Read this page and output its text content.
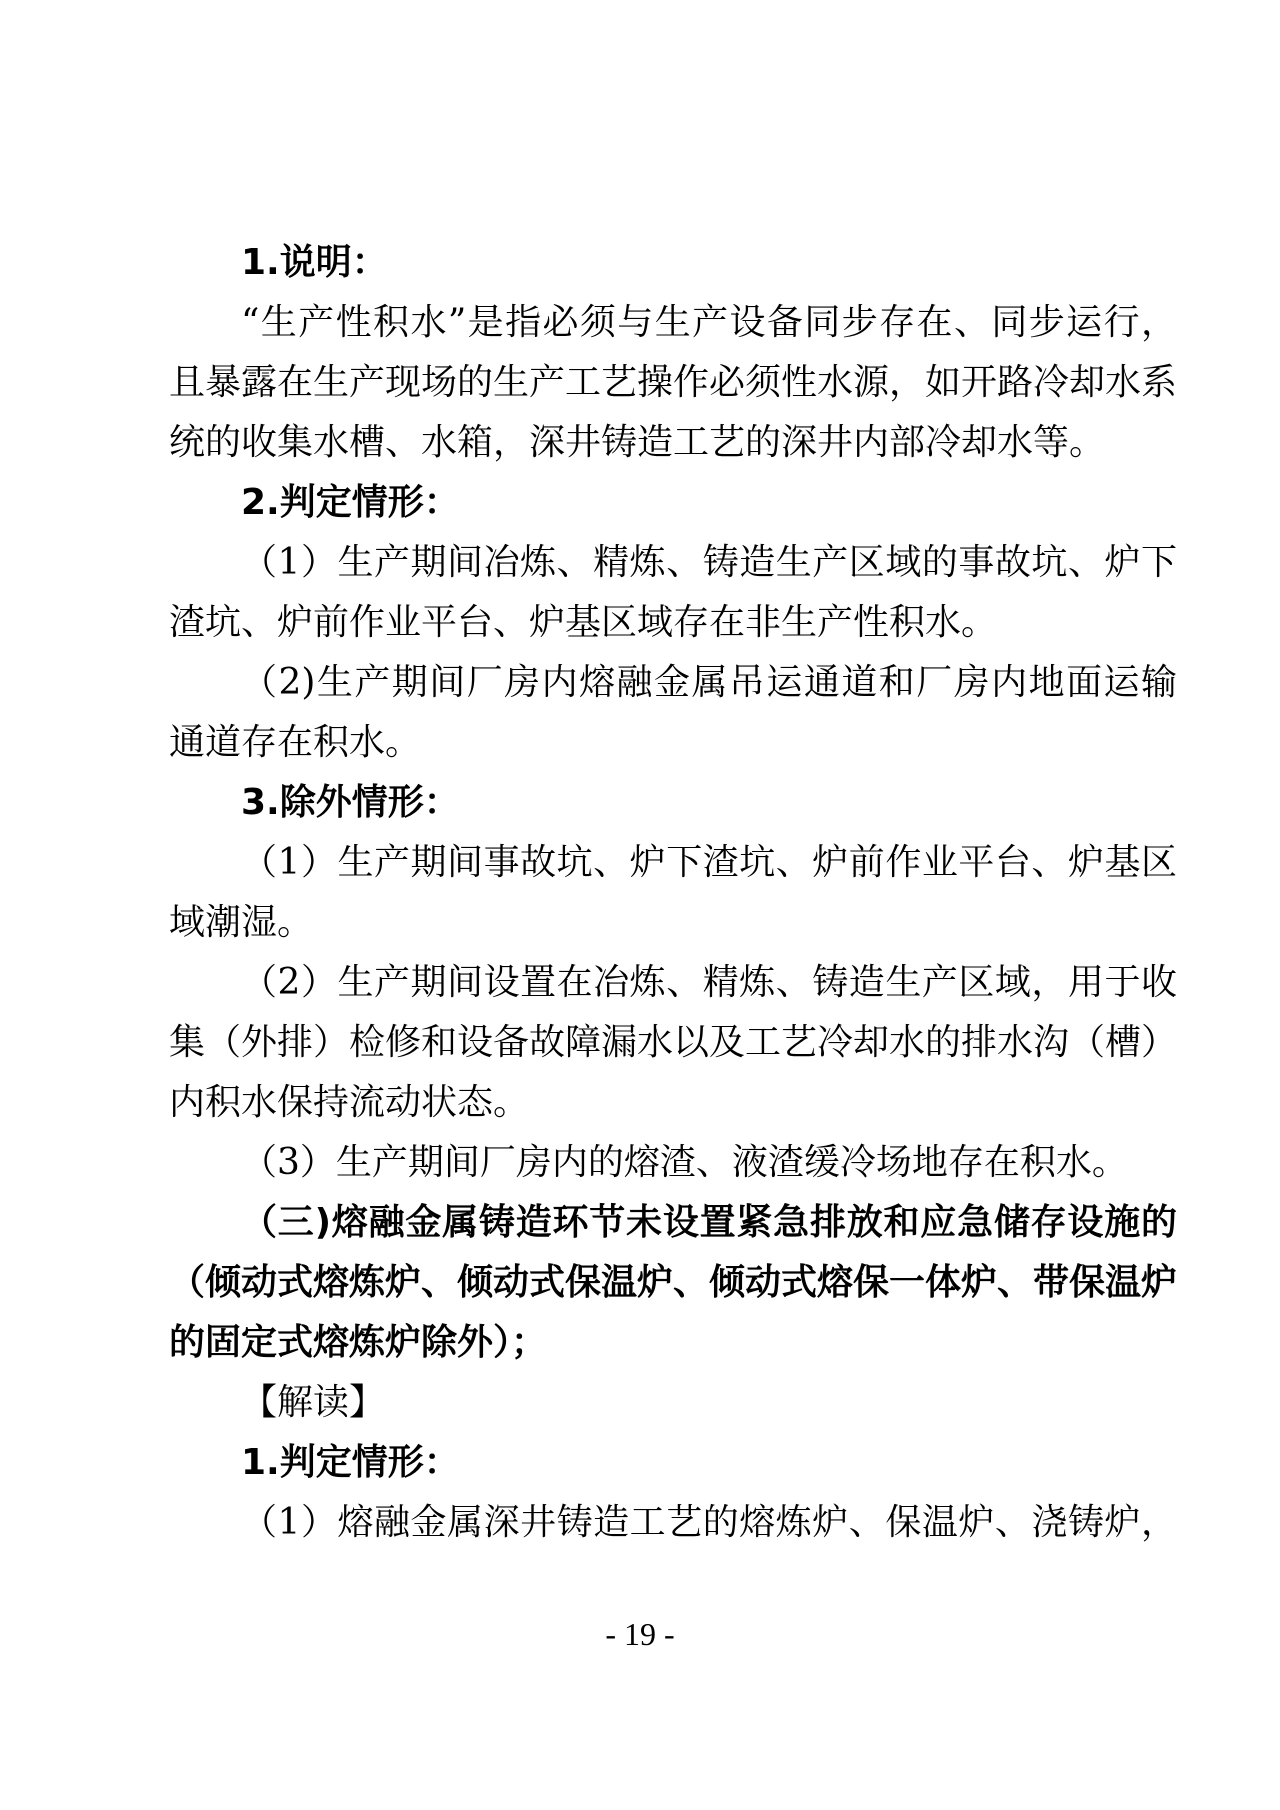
1.说明：
“生产性积水”是指必须与生产设备同步存在、同步运行，
且暴露在生产现场的生产工艺操作必须性水源，如开路冷却水系
统的收集水槽、水箱，深井铸造工艺的深井内部冷却水等。
2.判定情形：
（1）生产期间冶炼、精炼、铸造生产区域的事故坑、炉下
渣坑、炉前作业平台、炉基区域存在非生产性积水。
（2)生产期间厂房内熔融金属吊运通道和厂房内地面运输
通道存在积水。
3.除外情形：
（1）生产期间事故坑、炉下渣坑、炉前作业平台、炉基区
域潮湿。
（2）生产期间设置在冶炼、精炼、铸造生产区域，用于收
集（外排）检修和设备故障漏水以及工艺冷却水的排水沟（槽）
内积水保持流动状态。
（3）生产期间厂房内的熔渣、液渣缓冷场地存在积水。
（三)熔融金属铸造环节未设置紧急排放和应急储存设施的
（倾动式熔炼炉、倾动式保温炉、倾动式熔保一体炉、带保温炉
的固定式熔炼炉除外）；
【解读】
1.判定情形：
（1）熔融金属深井铸造工艺的熔炼炉、保温炉、浇铸炉，
- 19 -
